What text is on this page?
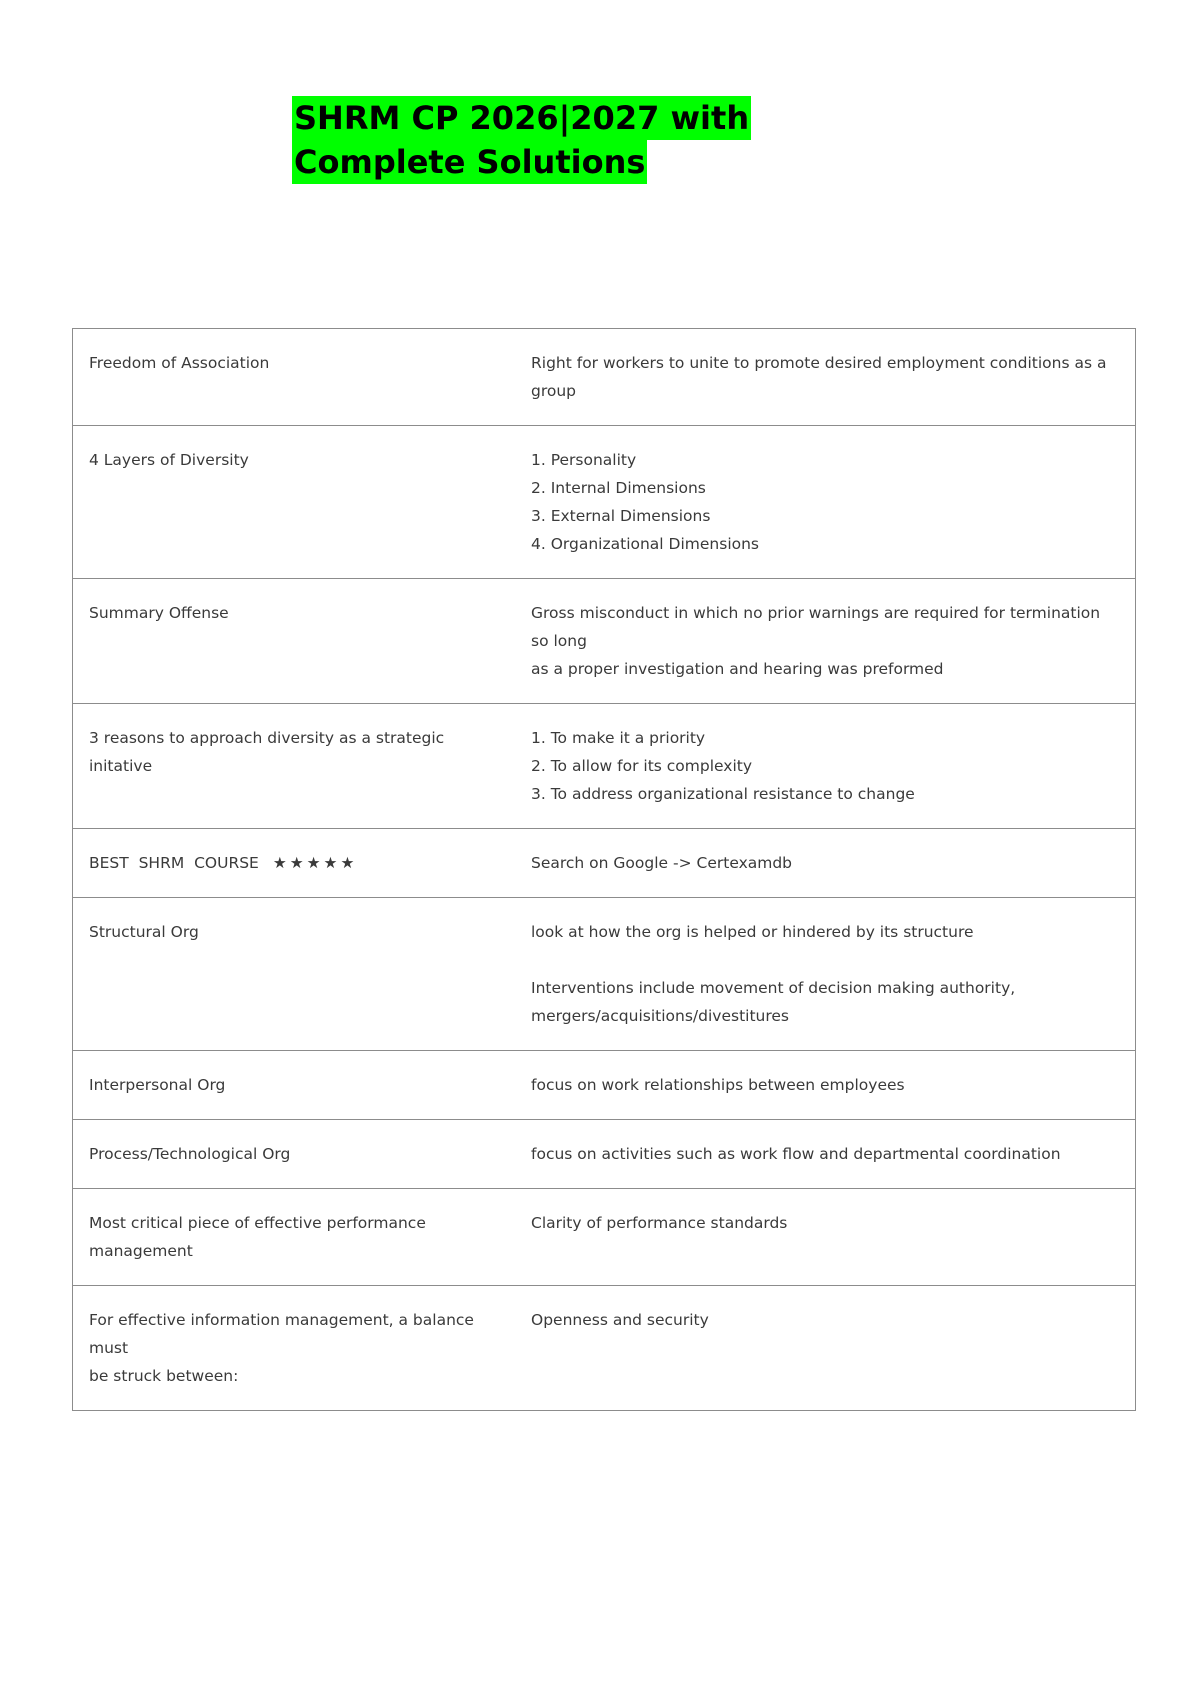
SHRM CP 2026|2027 with
Complete Solutions
Freedom of Association	Right for workers to unite to promote desired employment conditions as a group

4 Layers of Diversity	1. Personality
2. Internal Dimensions
3. External Dimensions
4. Organizational Dimensions

Summary Offense	Gross misconduct in which no prior warnings are required for termination so long
as a proper investigation and hearing was preformed

3 reasons to approach diversity as a strategic initative	1. To make it a priority
2. To allow for its complexity
3. To address organizational resistance to change

BEST  SHRM  COURSE ★★★★★	Search on Google -> Certexamdb

Structural Org	look at how the org is helped or hindered by its structure
Interventions include movement of decision making authority,
mergers/acquisitions/divestitures

Interpersonal Org	focus on work relationships between employees

Process/Technological Org	focus on activities such as work flow and departmental coordination

Most critical piece of effective performance
management	Clarity of performance standards

For effective information management, a balance must
be struck between:	Openness and security
